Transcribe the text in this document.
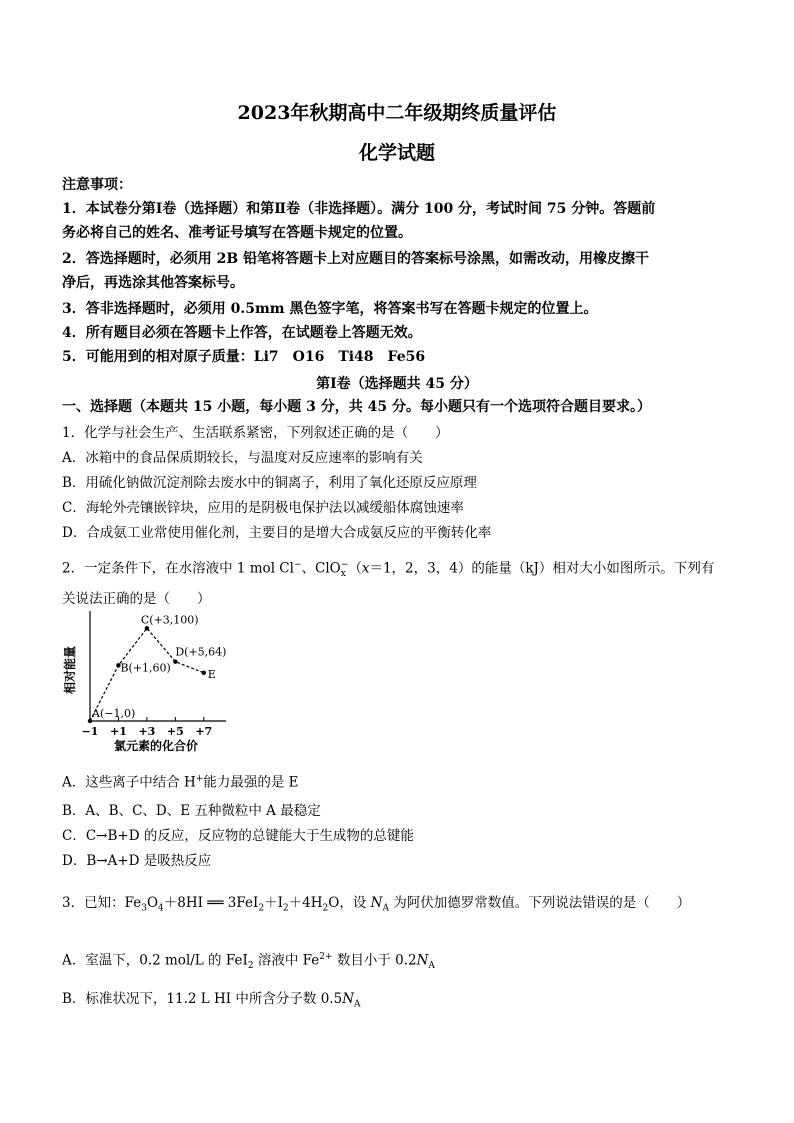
2023年秋期高中二年级期终质量评估
化学试题
注意事项：
1．本试卷分第Ⅰ卷（选择题）和第Ⅱ卷（非选择题）。满分 100 分，考试时间 75 分钟。答题前
务必将自己的姓名、准考证号填写在答题卡规定的位置。
2．答选择题时，必须用 2B 铅笔将答题卡上对应题目的答案标号涂黑，如需改动，用橡皮擦干
净后，再选涂其他答案标号。
3．答非选择题时，必须用 0.5mm 黑色签字笔，将答案书写在答题卡规定的位置上。
4．所有题目必须在答题卡上作答，在试题卷上答题无效。
5．可能用到的相对原子质量：Li7　O16　Ti48　Fe56
第Ⅰ卷（选择题共 45 分）
一、选择题（本题共 15 小题，每小题 3 分，共 45 分。每小题只有一个选项符合题目要求。）
1．化学与社会生产、生活联系紧密，下列叙述正确的是（　　）
A．冰箱中的食品保质期较长，与温度对反应速率的影响有关
B．用硫化钠做沉淀剂除去废水中的铜离子，利用了氧化还原反应原理
C．海轮外壳镶嵌锌块，应用的是阴极电保护法以减缓船体腐蚀速率
D．合成氨工业常使用催化剂，主要目的是增大合成氨反应的平衡转化率
2．一定条件下，在水溶液中 1 mol Cl−、ClO$_x$−（x＝1，2，3，4）的能量（kJ）相对大小如图所示。下列有
关说法正确的是（　　）
−1 +1 +3 +5 +7
氯元素的化合价
相对能量
A(−1,0)
B(+1,60)
C(+3,100)
D(+5,64)
E
A．这些离子中结合 H+能力最强的是 E
B．A、B、C、D、E 五种微粒中 A 最稳定
C．C→B+D 的反应，反应物的总键能大于生成物的总键能
D．B→A+D 是吸热反应
3．已知：$Fe_3O_4+8HI$ ══ $3FeI_2+I_2+4H_2O$，设 $N_A$ 为阿伏加德罗常数值。下列说法错误的是（　　）
A．室温下，0.2 mol/L 的 FeI$_2$ 溶液中 $Fe^{2+}$ 数目小于 $0.2N_A$
B．标准状况下，11.2 L HI 中所含分子数 $0.5N_A$
